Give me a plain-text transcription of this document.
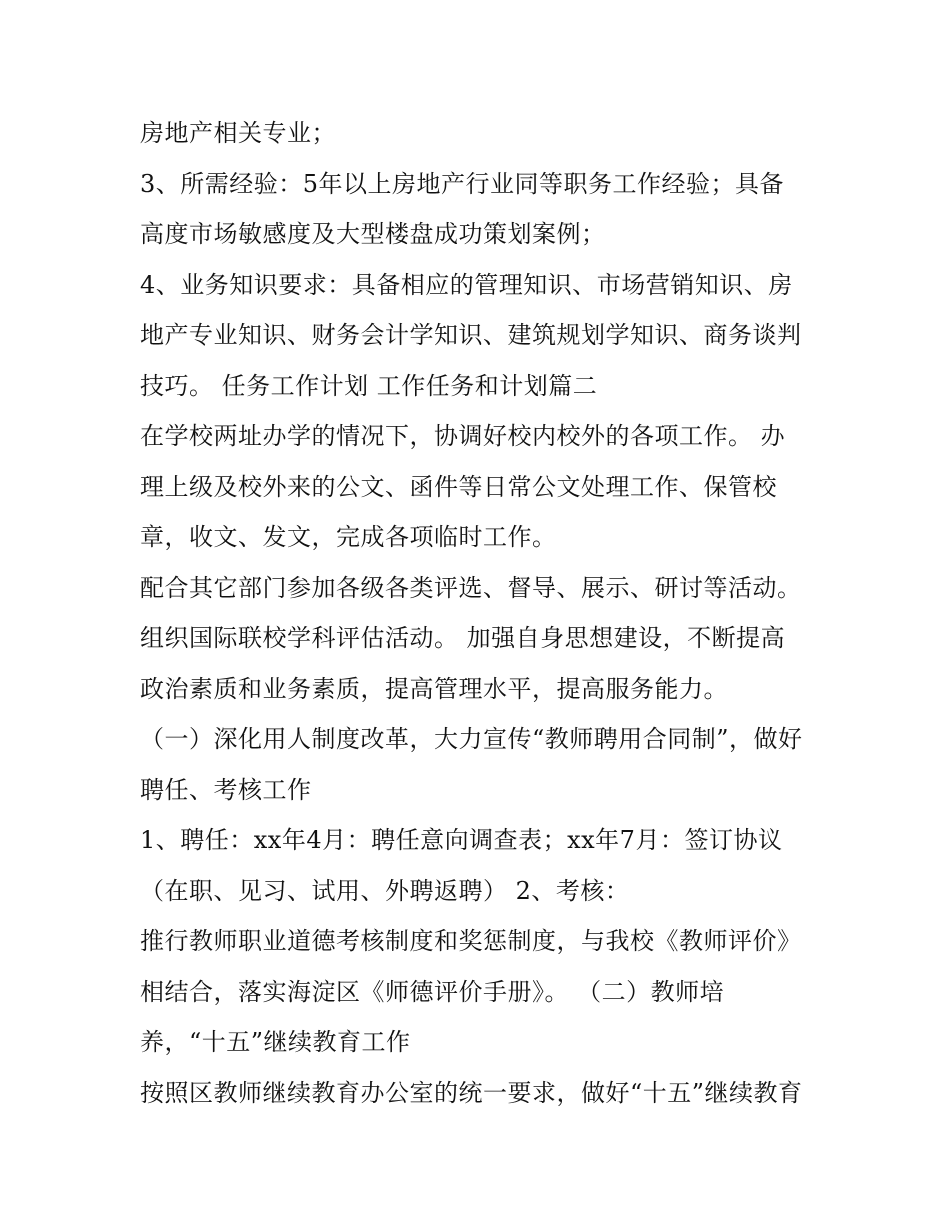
房地产相关专业；
3、所需经验：5年以上房地产行业同等职务工作经验；具备
高度市场敏感度及大型楼盘成功策划案例；
4、业务知识要求：具备相应的管理知识、市场营销知识、房
地产专业知识、财务会计学知识、建筑规划学知识、商务谈判
技巧。 任务工作计划 工作任务和计划篇二
在学校两址办学的情况下，协调好校内校外的各项工作。 办
理上级及校外来的公文、函件等日常公文处理工作、保管校
章，收文、发文，完成各项临时工作。
配合其它部门参加各级各类评选、督导、展示、研讨等活动。
组织国际联校学科评估活动。 加强自身思想建设，不断提高
政治素质和业务素质，提高管理水平，提高服务能力。
（一）深化用人制度改革，大力宣传“教师聘用合同制”，做好
聘任、考核工作
1、聘任：xx年4月：聘任意向调查表；xx年7月：签订协议
（在职、见习、试用、外聘返聘） 2、考核：
推行教师职业道德考核制度和奖惩制度，与我校《教师评价》
相结合，落实海淀区《师德评价手册》。 （二）教师培
养，“十五”继续教育工作
按照区教师继续教育办公室的统一要求，做好“十五”继续教育
